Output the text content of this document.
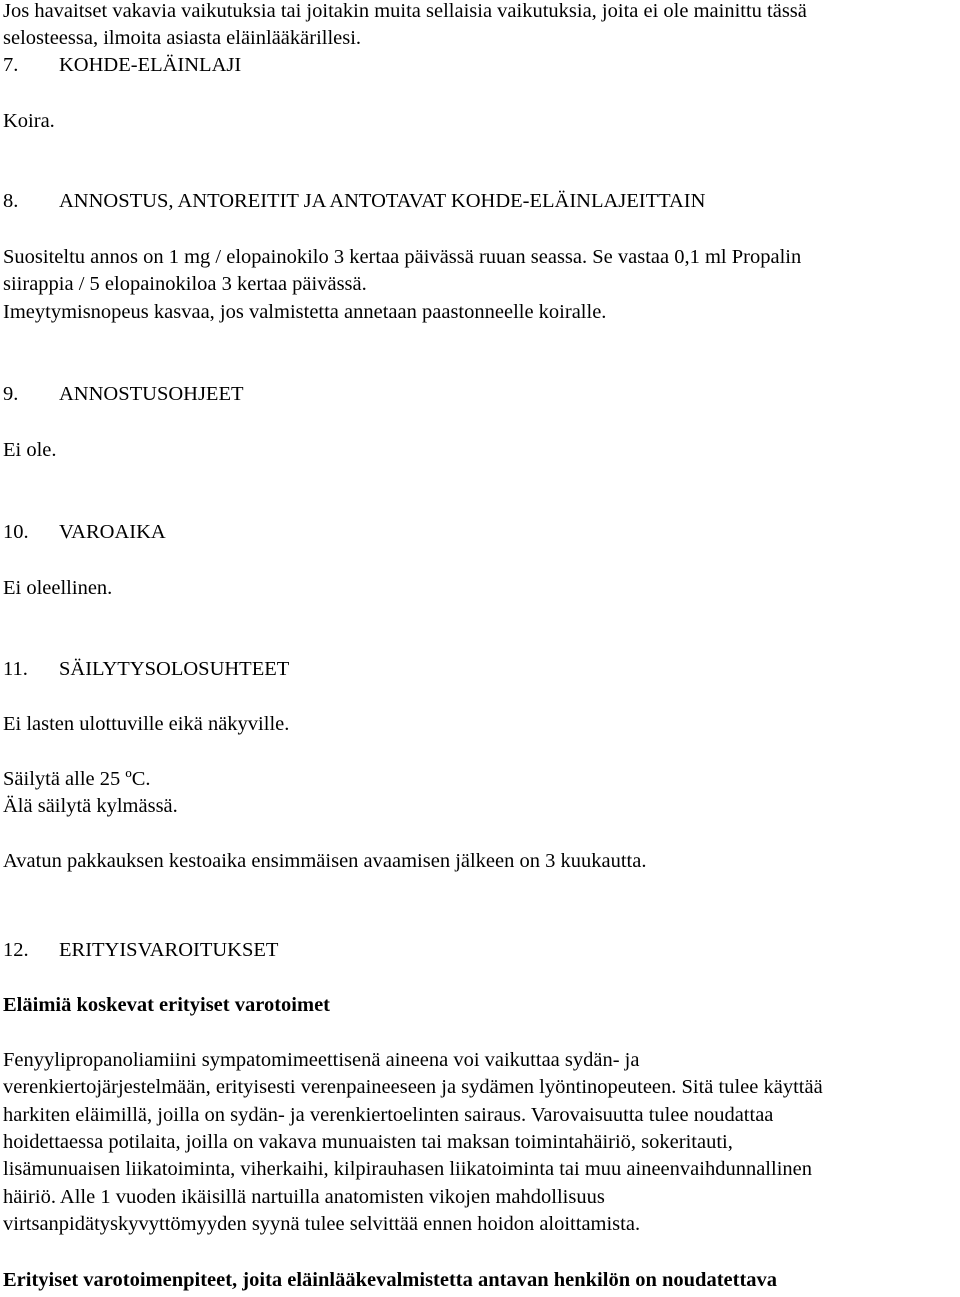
Jos havaitset vakavia vaikutuksia tai joitakin muita sellaisia vaikutuksia, joita ei ole mainittu tässä
selosteessa, ilmoita asiasta eläinlääkärillesi.
7. KOHDE-ELÄINLAJI
Koira.
8. ANNOSTUS, ANTOREITIT JA ANTOTAVAT KOHDE-ELÄINLAJEITTAIN
Suositeltu annos on 1 mg / elopainokilo 3 kertaa päivässä ruuan seassa. Se vastaa 0,1 ml Propalin
siirappia / 5 elopainokiloa 3 kertaa päivässä.
Imeytymisnopeus kasvaa, jos valmistetta annetaan paastonneelle koiralle.
9. ANNOSTUSOHJEET
Ei ole.
10. VAROAIKA
Ei oleellinen.
11. SÄILYTYSOLOSUHTEET
Ei lasten ulottuville eikä näkyville.
Säilytä alle 25 ºC.
Älä säilytä kylmässä.
Avatun pakkauksen kestoaika ensimmäisen avaamisen jälkeen on 3 kuukautta.
12. ERITYISVAROITUKSET
Eläimiä koskevat erityiset varotoimet
Fenyylipropanoliamiini sympatomimeettisenä aineena voi vaikuttaa sydän- ja
verenkiertojärjestelmään, erityisesti verenpaineeseen ja sydämen lyöntinopeuteen. Sitä tulee käyttää
harkiten eläimillä, joilla on sydän- ja verenkiertoelinten sairaus. Varovaisuutta tulee noudattaa
hoidettaessa potilaita, joilla on vakava munuaisten tai maksan toimintahäiriö, sokeritauti,
lisämunuaisen liikatoiminta, viherkaihi, kilpirauhasen liikatoiminta tai muu aineenvaihdunnallinen
häiriö. Alle 1 vuoden ikäisillä nartuilla anatomisten vikojen mahdollisuus
virtsanpidätyskyvyttömyyden syynä tulee selvittää ennen hoidon aloittamista.
Erityiset varotoimenpiteet, joita eläinlääkevalmistetta antavan henkilön on noudatettava
